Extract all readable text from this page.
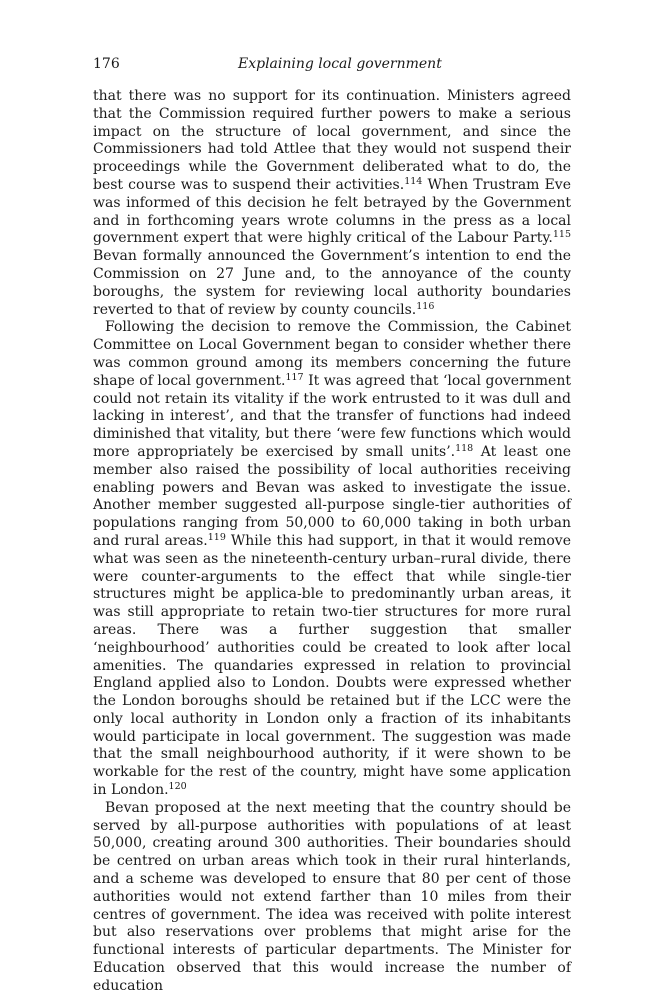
176	Explaining local government

that there was no support for its continuation. Ministers agreed that the Commission required further powers to make a serious impact on the structure of local government, and since the Commissioners had told Attlee that they would not suspend their proceedings while the Government deliberated what to do, the best course was to suspend their activities.$^{114}$ When Trustram Eve was informed of this decision he felt betrayed by the Government and in forthcoming years wrote columns in the press as a local government expert that were highly critical of the Labour Party.$^{115}$ Bevan formally announced the Government’s intention to end the Commission on 27 June and, to the annoyance of the county boroughs, the system for reviewing local authority boundaries reverted to that of review by county councils.$^{116}$

Following the decision to remove the Commission, the Cabinet Committee on Local Government began to consider whether there was common ground among its members concerning the future shape of local government.$^{117}$ It was agreed that ‘local government could not retain its vitality if the work entrusted to it was dull and lacking in interest’, and that the transfer of functions had indeed diminished that vitality, but there ‘were few functions which would more appropriately be exercised by small units’.$^{118}$ At least one member also raised the possibility of local authorities receiving enabling powers and Bevan was asked to investigate the issue. Another member suggested all-purpose single-tier authorities of populations ranging from 50,000 to 60,000 taking in both urban and rural areas.$^{119}$ While this had support, in that it would remove what was seen as the nineteenth-century urban–rural divide, there were counter-arguments to the effect that while single-tier structures might be applica-ble to predominantly urban areas, it was still appropriate to retain two-tier structures for more rural areas. There was a further suggestion that smaller ‘neighbourhood’ authorities could be created to look after local amenities. The quandaries expressed in relation to provincial England applied also to London. Doubts were expressed whether the London boroughs should be retained but if the LCC were the only local authority in London only a fraction of its inhabitants would participate in local government. The suggestion was made that the small neighbourhood authority, if it were shown to be workable for the rest of the country, might have some application in London.$^{120}$

Bevan proposed at the next meeting that the country should be served by all-purpose authorities with populations of at least 50,000, creating around 300 authorities. Their boundaries should be centred on urban areas which took in their rural hinterlands, and a scheme was developed to ensure that 80 per cent of those authorities would not extend farther than 10 miles from their centres of government. The idea was received with polite interest but also reservations over problems that might arise for the functional interests of particular departments. The Minister for Education observed that this would increase the number of education
